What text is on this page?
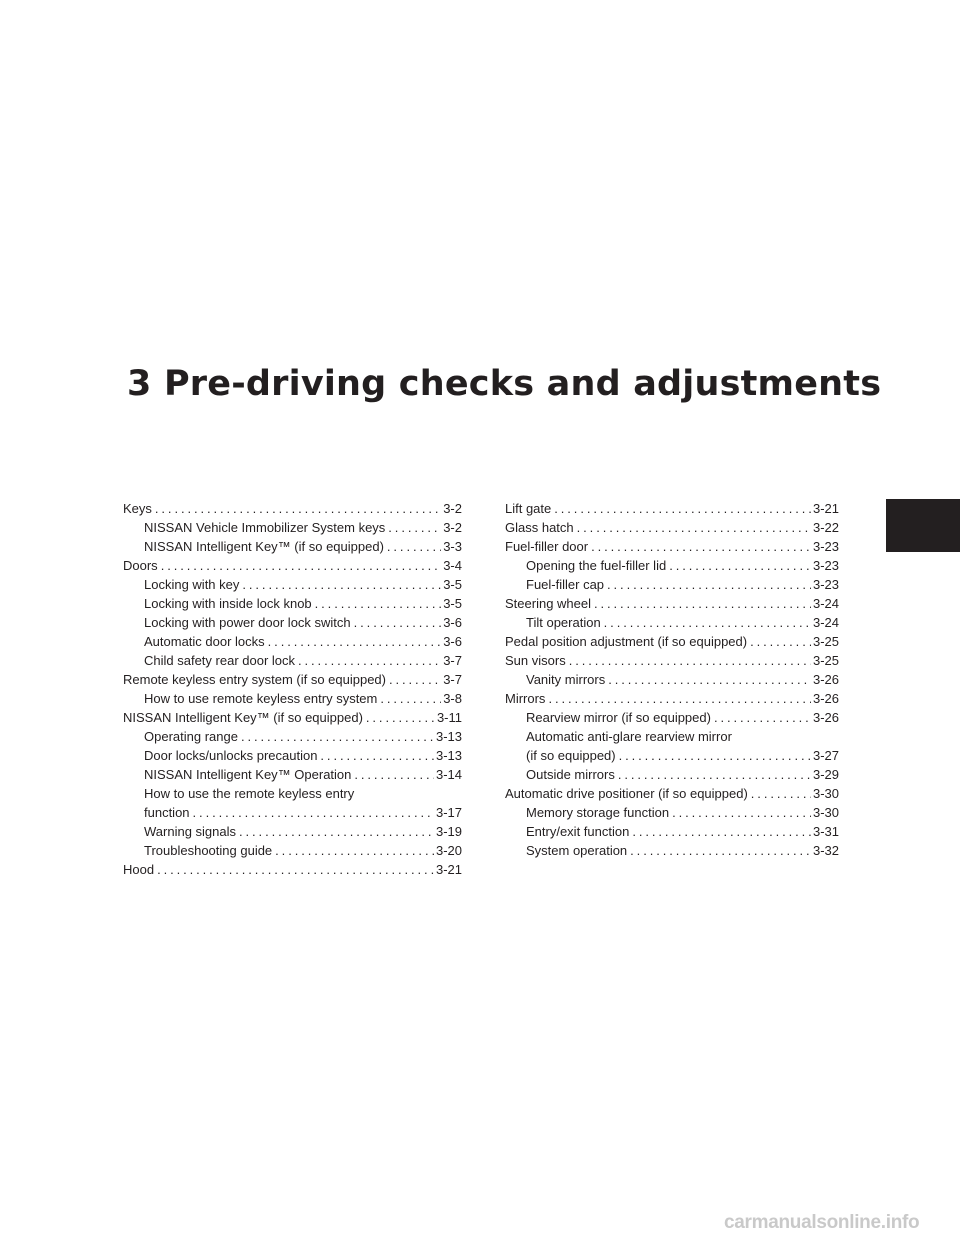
3 Pre-driving checks and adjustments
Keys .....	3-2
NISSAN Vehicle Immobilizer System keys .....	3-2
NISSAN Intelligent Key™ (if so equipped) .....	3-3
Doors .....	3-4
Locking with key .....	3-5
Locking with inside lock knob .....	3-5
Locking with power door lock switch .....	3-6
Automatic door locks .....	3-6
Child safety rear door lock .....	3-7
Remote keyless entry system (if so equipped) .....	3-7
How to use remote keyless entry system .....	3-8
NISSAN Intelligent Key™ (if so equipped) .....	3-11
Operating range .....	3-13
Door locks/unlocks precaution .....	3-13
NISSAN Intelligent Key™ Operation .....	3-14
How to use the remote keyless entry
function .....	3-17
Warning signals .....	3-19
Troubleshooting guide .....	3-20
Hood .....	3-21
Lift gate .....	3-21
Glass hatch .....	3-22
Fuel-filler door .....	3-23
Opening the fuel-filler lid .....	3-23
Fuel-filler cap .....	3-23
Steering wheel .....	3-24
Tilt operation .....	3-24
Pedal position adjustment (if so equipped) .....	3-25
Sun visors .....	3-25
Vanity mirrors .....	3-26
Mirrors .....	3-26
Rearview mirror (if so equipped) .....	3-26
Automatic anti-glare rearview mirror
(if so equipped) .....	3-27
Outside mirrors .....	3-29
Automatic drive positioner (if so equipped) .....	3-30
Memory storage function .....	3-30
Entry/exit function .....	3-31
System operation .....	3-32
carmanualsonline.info
